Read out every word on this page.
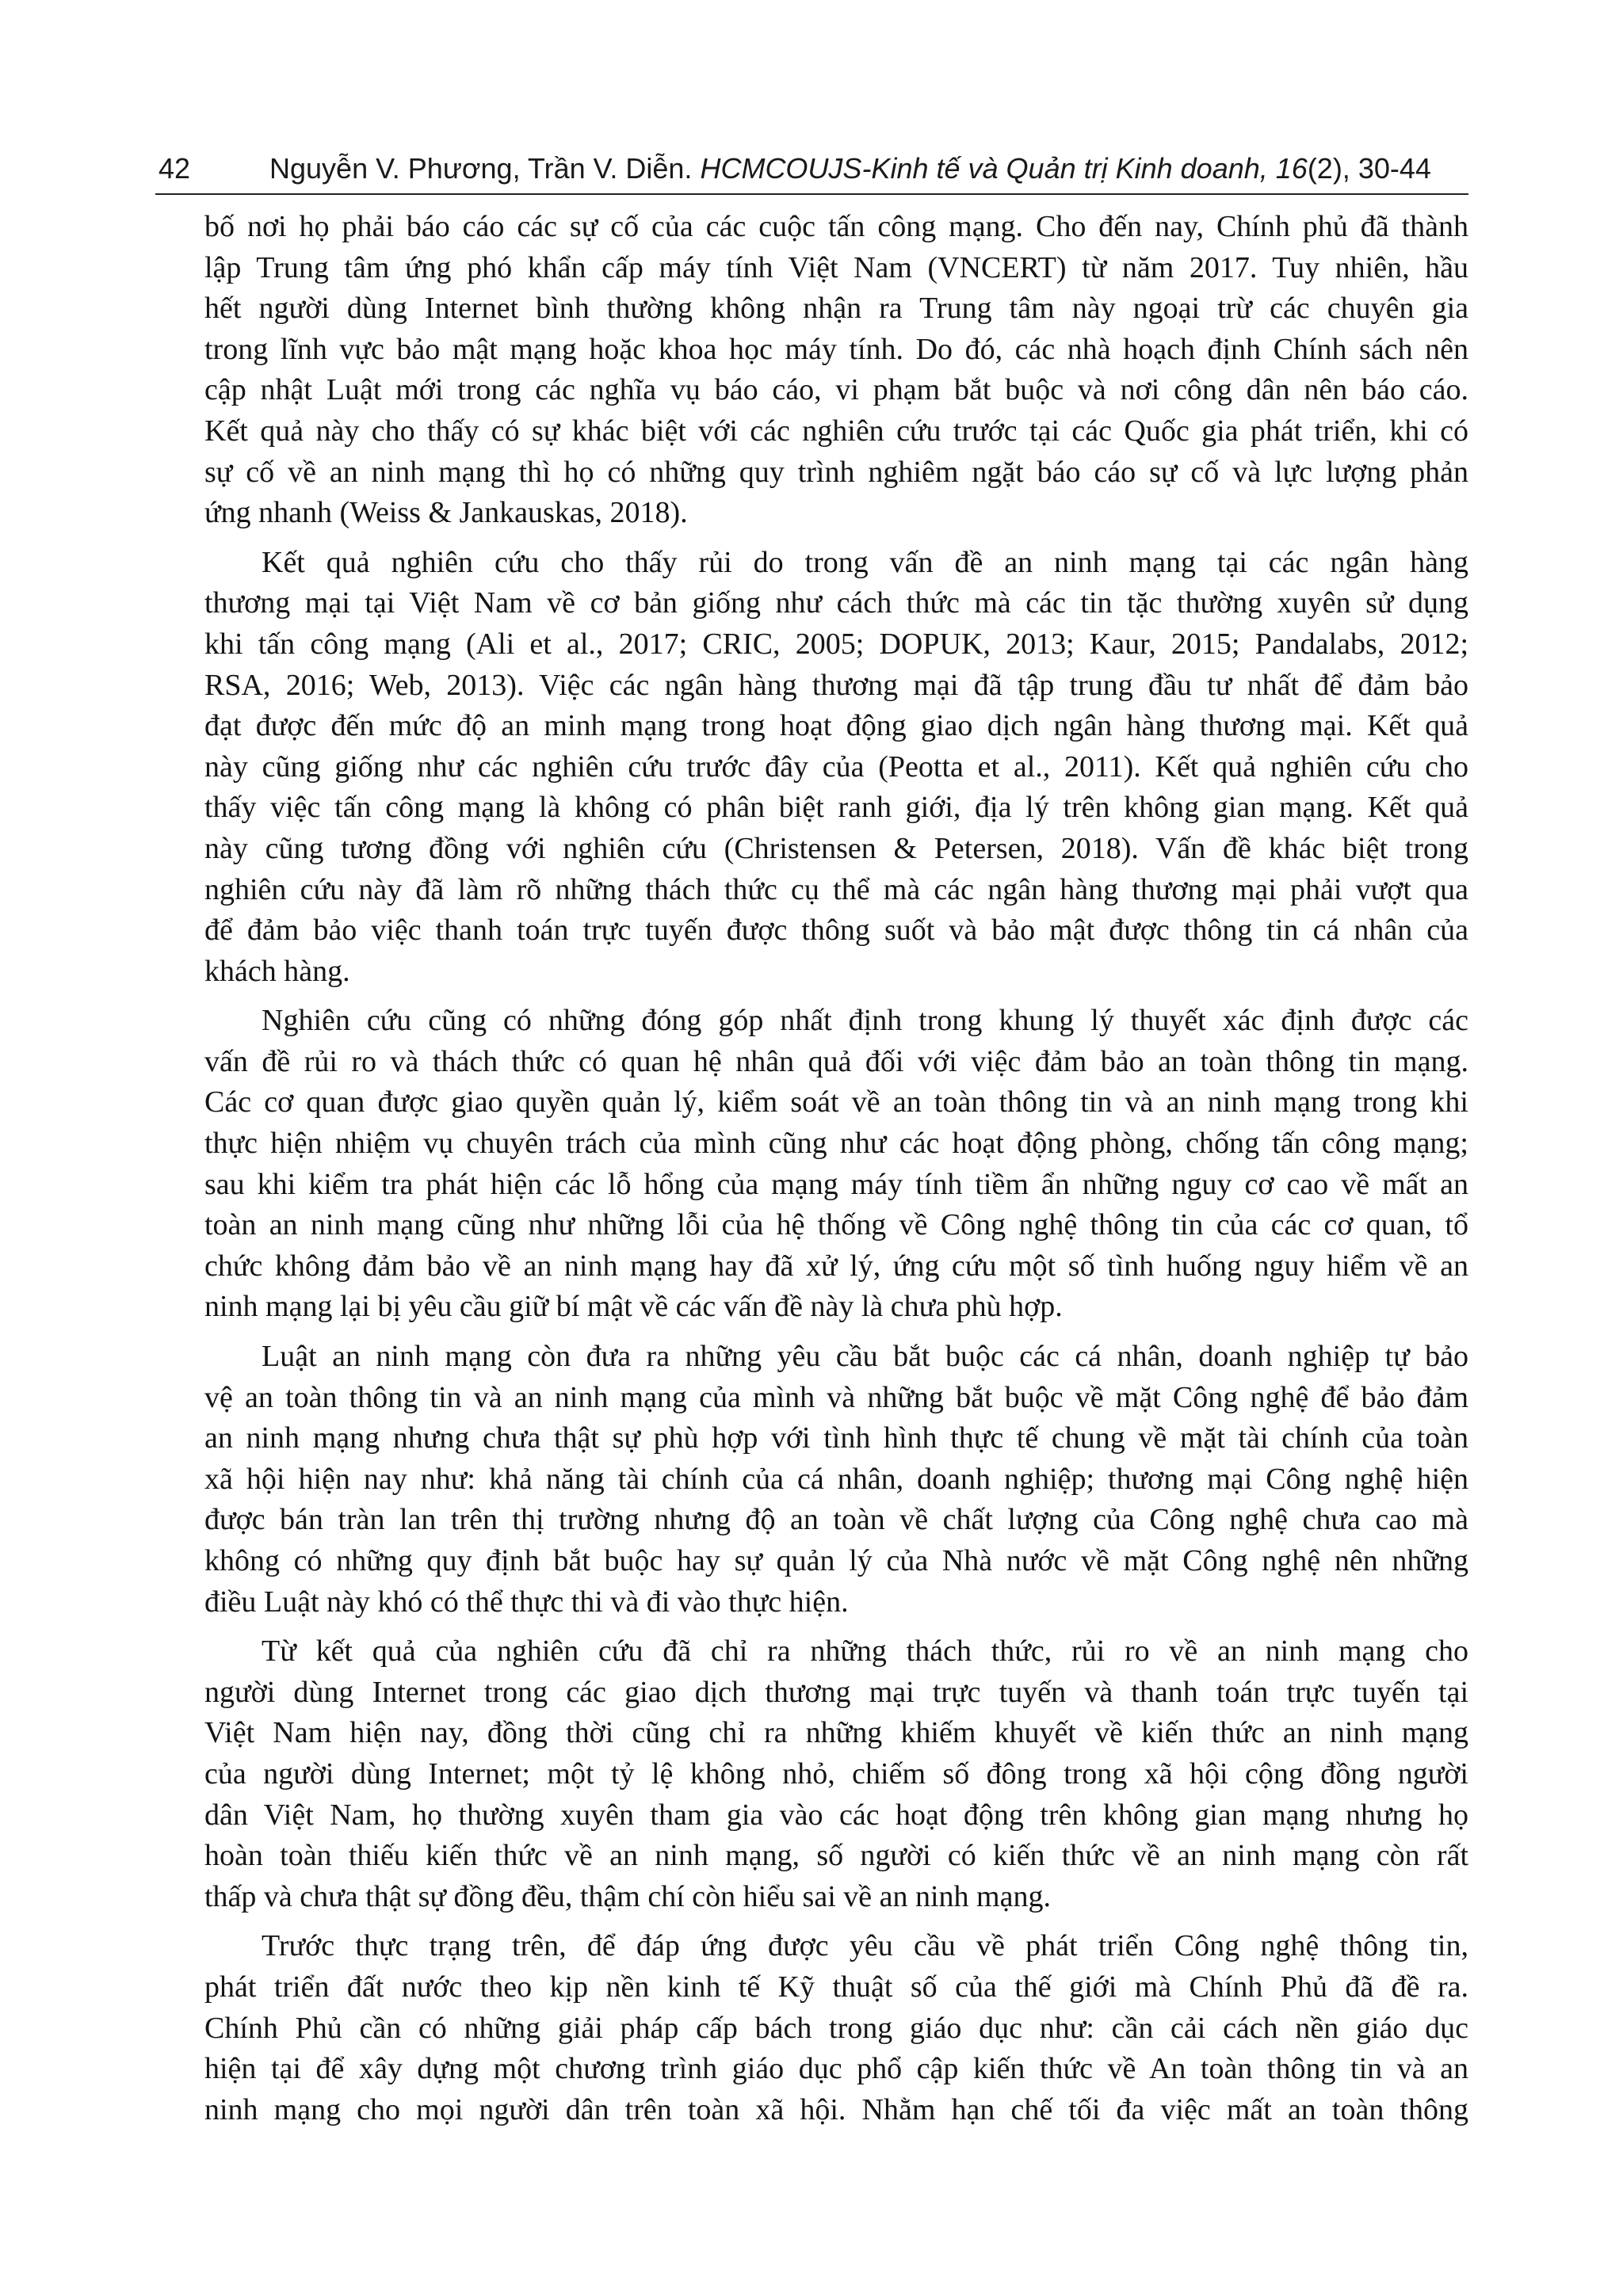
42	Nguyễn V. Phương, Trần V. Diễn. HCMCOUJS-Kinh tế và Quản trị Kinh doanh, 16(2), 30-44
bố nơi họ phải báo cáo các sự cố của các cuộc tấn công mạng. Cho đến nay, Chính phủ đã thành
lập Trung tâm ứng phó khẩn cấp máy tính Việt Nam (VNCERT) từ năm 2017. Tuy nhiên, hầu
hết người dùng Internet bình thường không nhận ra Trung tâm này ngoại trừ các chuyên gia
trong lĩnh vực bảo mật mạng hoặc khoa học máy tính. Do đó, các nhà hoạch định Chính sách nên
cập nhật Luật mới trong các nghĩa vụ báo cáo, vi phạm bắt buộc và nơi công dân nên báo cáo.
Kết quả này cho thấy có sự khác biệt với các nghiên cứu trước tại các Quốc gia phát triển, khi có
sự cố về an ninh mạng thì họ có những quy trình nghiêm ngặt báo cáo sự cố và lực lượng phản
ứng nhanh (Weiss & Jankauskas, 2018).
Kết quả nghiên cứu cho thấy rủi do trong vấn đề an ninh mạng tại các ngân hàng
thương mại tại Việt Nam về cơ bản giống như cách thức mà các tin tặc thường xuyên sử dụng
khi tấn công mạng (Ali et al., 2017; CRIC, 2005; DOPUK, 2013; Kaur, 2015; Pandalabs, 2012;
RSA, 2016; Web, 2013). Việc các ngân hàng thương mại đã tập trung đầu tư nhất để đảm bảo
đạt được đến mức độ an minh mạng trong hoạt động giao dịch ngân hàng thương mại. Kết quả
này cũng giống như các nghiên cứu trước đây của (Peotta et al., 2011). Kết quả nghiên cứu cho
thấy việc tấn công mạng là không có phân biệt ranh giới, địa lý trên không gian mạng. Kết quả
này cũng tương đồng với nghiên cứu (Christensen & Petersen, 2018). Vấn đề khác biệt trong
nghiên cứu này đã làm rõ những thách thức cụ thể mà các ngân hàng thương mại phải vượt qua
để đảm bảo việc thanh toán trực tuyến được thông suốt và bảo mật được thông tin cá nhân của
khách hàng.
Nghiên cứu cũng có những đóng góp nhất định trong khung lý thuyết xác định được các
vấn đề rủi ro và thách thức có quan hệ nhân quả đối với việc đảm bảo an toàn thông tin mạng.
Các cơ quan được giao quyền quản lý, kiểm soát về an toàn thông tin và an ninh mạng trong khi
thực hiện nhiệm vụ chuyên trách của mình cũng như các hoạt động phòng, chống tấn công mạng;
sau khi kiểm tra phát hiện các lỗ hổng của mạng máy tính tiềm ẩn những nguy cơ cao về mất an
toàn an ninh mạng cũng như những lỗi của hệ thống về Công nghệ thông tin của các cơ quan, tổ
chức không đảm bảo về an ninh mạng hay đã xử lý, ứng cứu một số tình huống nguy hiểm về an
ninh mạng lại bị yêu cầu giữ bí mật về các vấn đề này là chưa phù hợp.
Luật an ninh mạng còn đưa ra những yêu cầu bắt buộc các cá nhân, doanh nghiệp tự bảo
vệ an toàn thông tin và an ninh mạng của mình và những bắt buộc về mặt Công nghệ để bảo đảm
an ninh mạng nhưng chưa thật sự phù hợp với tình hình thực tế chung về mặt tài chính của toàn
xã hội hiện nay như: khả năng tài chính của cá nhân, doanh nghiệp; thương mại Công nghệ hiện
được bán tràn lan trên thị trường nhưng độ an toàn về chất lượng của Công nghệ chưa cao mà
không có những quy định bắt buộc hay sự quản lý của Nhà nước về mặt Công nghệ nên những
điều Luật này khó có thể thực thi và đi vào thực hiện.
Từ kết quả của nghiên cứu đã chỉ ra những thách thức, rủi ro về an ninh mạng cho
người dùng Internet trong các giao dịch thương mại trực tuyến và thanh toán trực tuyến tại
Việt Nam hiện nay, đồng thời cũng chỉ ra những khiếm khuyết về kiến thức an ninh mạng
của người dùng Internet; một tỷ lệ không nhỏ, chiếm số đông trong xã hội cộng đồng người
dân Việt Nam, họ thường xuyên tham gia vào các hoạt động trên không gian mạng nhưng họ
hoàn toàn thiếu kiến thức về an ninh mạng, số người có kiến thức về an ninh mạng còn rất
thấp và chưa thật sự đồng đều, thậm chí còn hiểu sai về an ninh mạng.
Trước thực trạng trên, để đáp ứng được yêu cầu về phát triển Công nghệ thông tin,
phát triển đất nước theo kịp nền kinh tế Kỹ thuật số của thế giới mà Chính Phủ đã đề ra.
Chính Phủ cần có những giải pháp cấp bách trong giáo dục như: cần cải cách nền giáo dục
hiện tại để xây dựng một chương trình giáo dục phổ cập kiến thức về An toàn thông tin và an
ninh mạng cho mọi người dân trên toàn xã hội. Nhằm hạn chế tối đa việc mất an toàn thông
